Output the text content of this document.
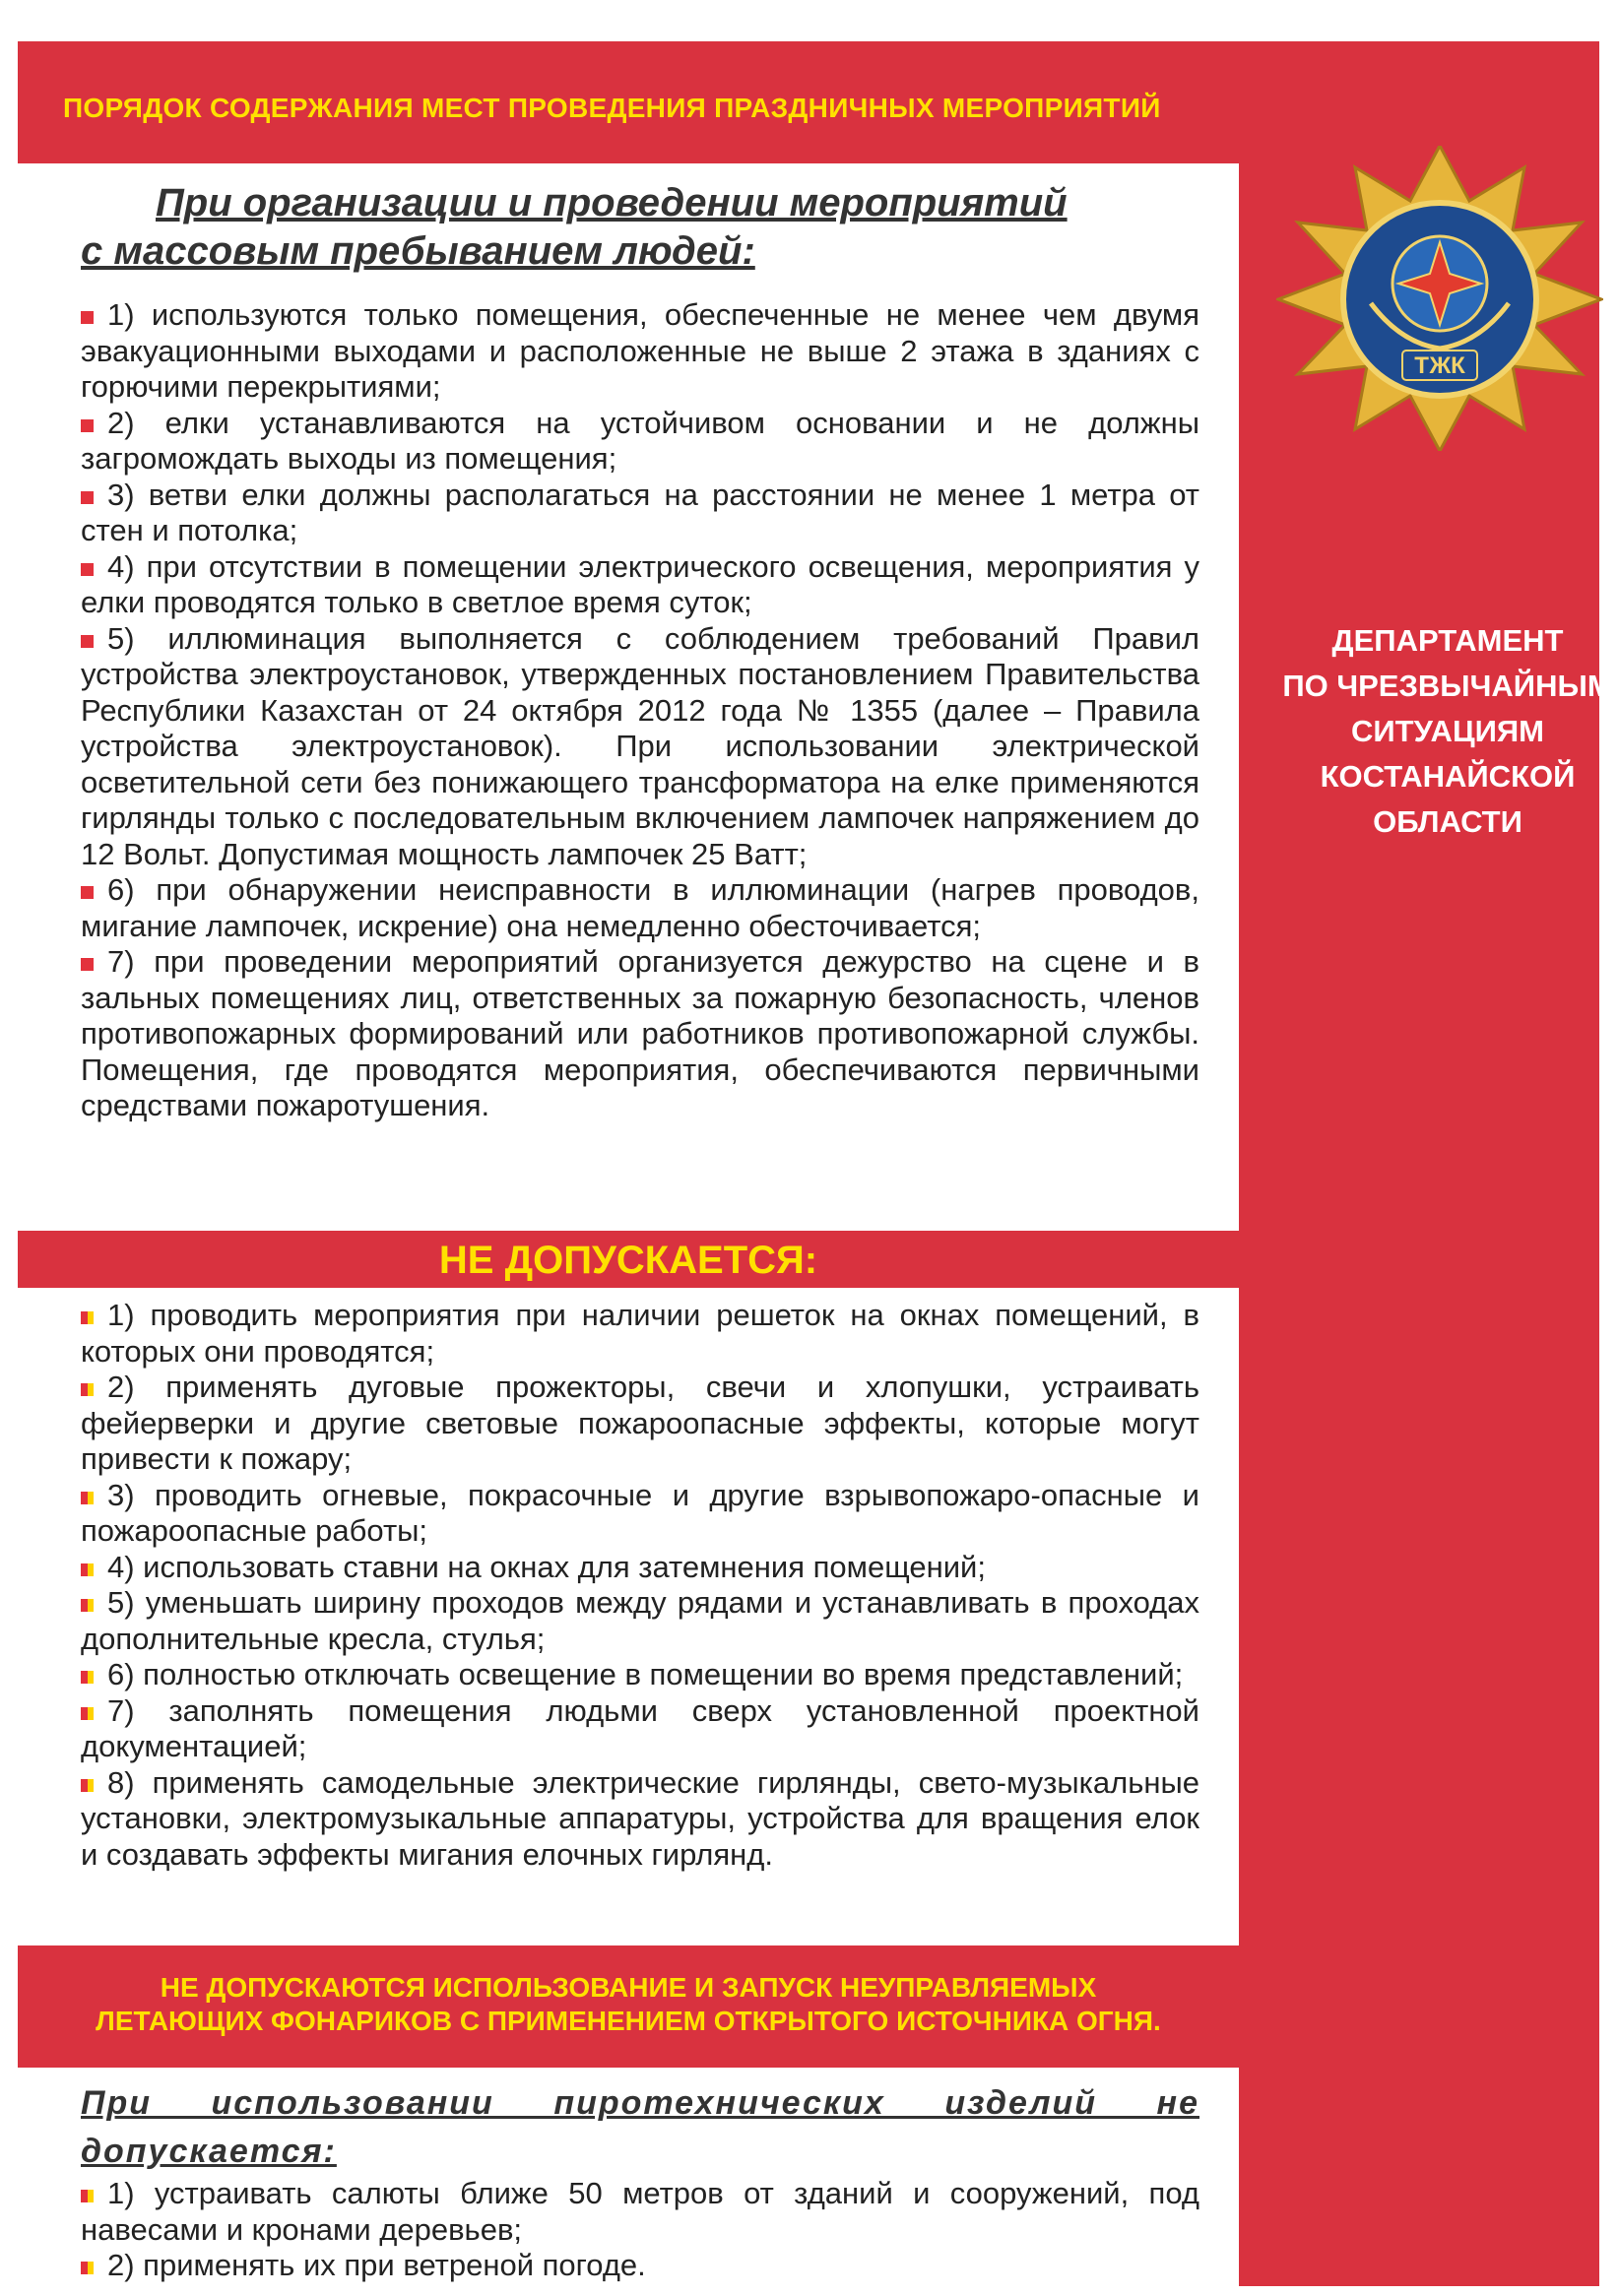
ПОРЯДОК СОДЕРЖАНИЯ МЕСТ ПРОВЕДЕНИЯ ПРАЗДНИЧНЫХ МЕРОПРИЯТИЙ
ТЖК
ДЕПАРТАМЕНТ
ПО ЧРЕЗВЫЧАЙНЫМ
СИТУАЦИЯМ
КОСТАНАЙСКОЙ
ОБЛАСТИ
При организации и проведении мероприятий
с массовым пребыванием людей:

1) используются только помещения, обеспеченные не менее чем двумя эвакуационными выходами и расположенные не выше 2 этажа в зданиях с горючими перекрытиями;

2) елки устанавливаются на устойчивом основании и не должны загромождать выходы из помещения;

3) ветви елки должны располагаться на расстоянии не менее 1 метра от стен и потолка;

4) при отсутствии в помещении электрического освещения, мероприятия у елки проводятся только в светлое время суток;

5) иллюминация выполняется с соблюдением требований Правил устройства электроустановок, утвержденных постановлением Правительства Республики Казахстан от 24 октября 2012 года № 1355 (далее – Правила устройства электроустановок). При использовании электрической осветительной сети без понижающего трансформатора на елке применяются гирлянды только с последовательным включением лампочек напряжением до 12 Вольт. Допустимая мощность лампочек 25 Ватт;

6) при обнаружении неисправности в иллюминации (нагрев проводов, мигание лампочек, искрение) она немедленно обесточивается;

7) при проведении мероприятий организуется дежурство на сцене и в зальных помещениях лиц, ответственных за пожарную безопасность, членов противопожарных формирований или работников противопожарной службы. Помещения, где проводятся мероприятия, обеспечиваются первичными средствами пожаротушения.

НЕ ДОПУСКАЕТСЯ:

1) проводить мероприятия при наличии решеток на окнах помещений, в которых они проводятся;

2) применять дуговые прожекторы, свечи и хлопушки, устраивать фейерверки и другие световые пожароопасные эффекты, которые могут привести к пожару;

3) проводить огневые, покрасочные и другие взрывопожаро-опасные и пожароопасные работы;

4) использовать ставни на окнах для затемнения помещений;

5) уменьшать ширину проходов между рядами и устанавливать в проходах дополнительные кресла, стулья;

6) полностью отключать освещение в помещении во время представлений;

7) заполнять помещения людьми сверх установленной проектной документацией;

8) применять самодельные электрические гирлянды, свето-музыкальные установки, электромузыкальные аппаратуры, устройства для вращения елок и создавать эффекты мигания елочных гирлянд.

НЕ ДОПУСКАЮТСЯ ИСПОЛЬЗОВАНИЕ И ЗАПУСК НЕУПРАВЛЯЕМЫХ
ЛЕТАЮЩИХ ФОНАРИКОВ С ПРИМЕНЕНИЕМ ОТКРЫТОГО ИСТОЧНИКА ОГНЯ.
При использовании пиротехнических изделий не допускается:

1) устраивать салюты ближе 50 метров от зданий и сооружений, под навесами и кронами деревьев;

2) применять их при ветреной погоде.
